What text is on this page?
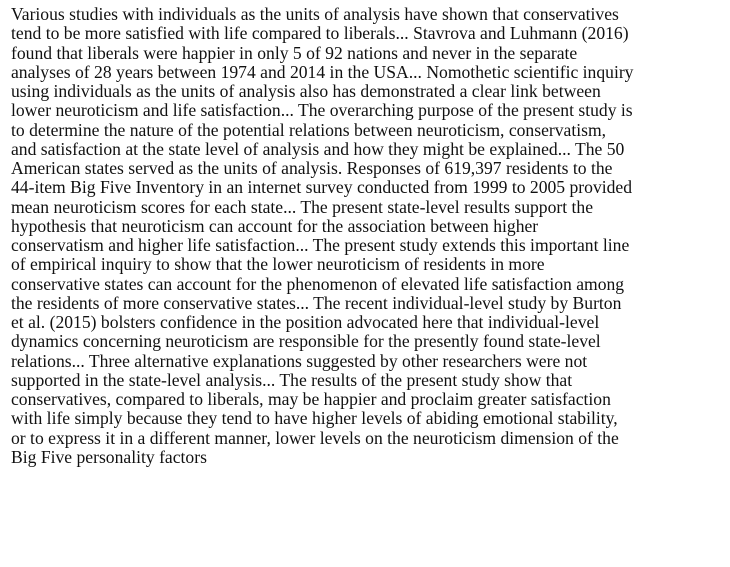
Various studies with individuals as the units of analysis have shown that conservatives
tend to be more satisfied with life compared to liberals... Stavrova and Luhmann (2016)
found that liberals were happier in only 5 of 92 nations and never in the separate
analyses of 28 years between 1974 and 2014 in the USA... Nomothetic scientific inquiry
using individuals as the units of analysis also has demonstrated a clear link between
lower neuroticism and life satisfaction... The overarching purpose of the present study is
to determine the nature of the potential relations between neuroticism, conservatism,
and satisfaction at the state level of analysis and how they might be explained... The 50
American states served as the units of analysis. Responses of 619,397 residents to the
44-item Big Five Inventory in an internet survey conducted from 1999 to 2005 provided
mean neuroticism scores for each state... The present state-level results support the
hypothesis that neuroticism can account for the association between higher
conservatism and higher life satisfaction... The present study extends this important line
of empirical inquiry to show that the lower neuroticism of residents in more
conservative states can account for the phenomenon of elevated life satisfaction among
the residents of more conservative states... The recent individual-level study by Burton
et al. (2015) bolsters confidence in the position advocated here that individual-level
dynamics concerning neuroticism are responsible for the presently found state-level
relations... Three alternative explanations suggested by other researchers were not
supported in the state-level analysis... The results of the present study show that
conservatives, compared to liberals, may be happier and proclaim greater satisfaction
with life simply because they tend to have higher levels of abiding emotional stability,
or to express it in a different manner, lower levels on the neuroticism dimension of the
Big Five personality factors
